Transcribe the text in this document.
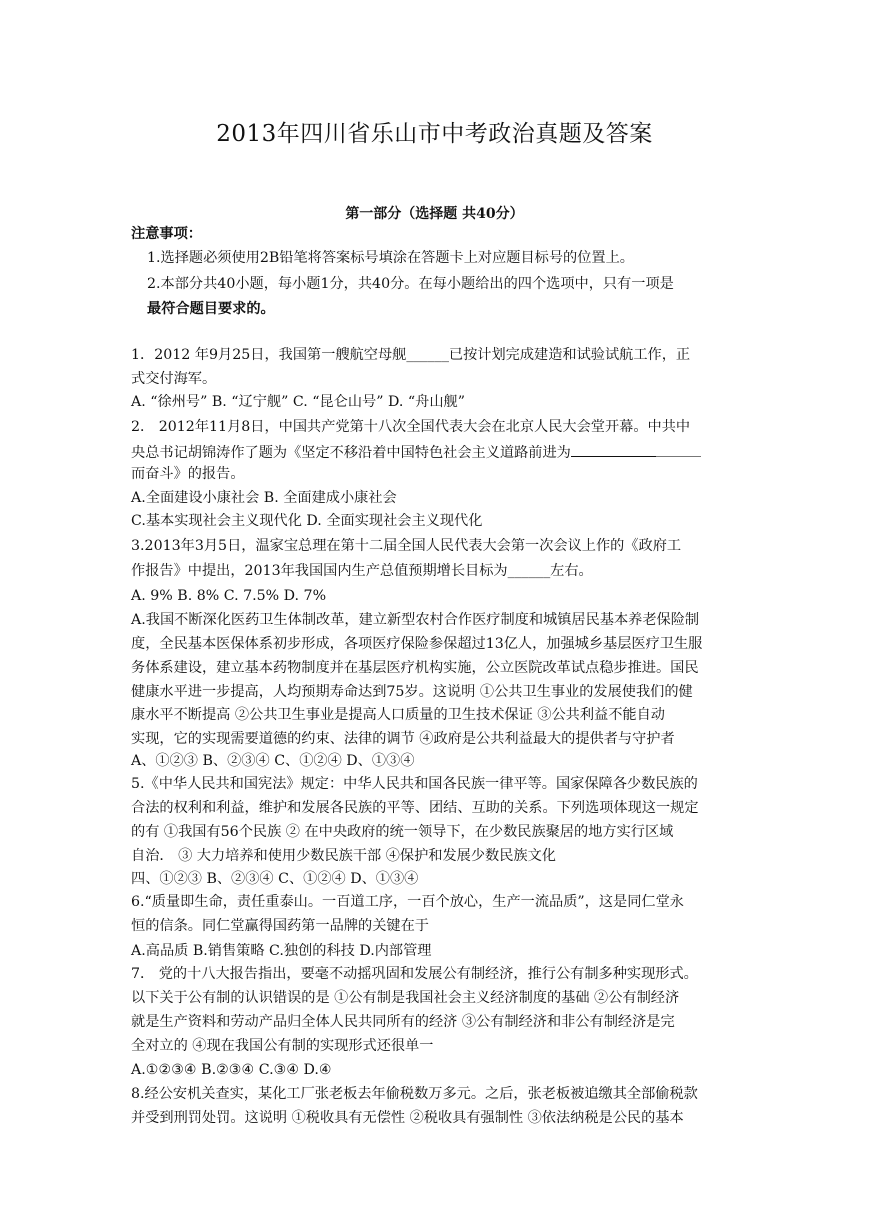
2013年四川省乐山市中考政治真题及答案
第一部分（选择题 共40分）
注意事项：
1.选择题必须使用2B铅笔将答案标号填涂在答题卡上对应题目标号的位置上。
2.本部分共40小题，每小题1分，共40分。在每小题给出的四个选项中，只有一项是
最符合题目要求的。
1．2012 年9月25日，我国第一艘航空母舰______已按计划完成建造和试验试航工作，正
式交付海军。
A. “徐州号” B. “辽宁舰” C. “昆仑山号” D. “舟山舰”
2． 2012年11月8日，中国共产党第十八次全国代表大会在北京人民大会堂开幕。中共中
央总书记胡锦涛作了题为《坚定不移沿着中国特色社会主义道路前进为
而奋斗》的报告。
A.全面建设小康社会 B. 全面建成小康社会
C.基本实现社会主义现代化 D. 全面实现社会主义现代化
3.2013年3月5日，温家宝总理在第十二届全国人民代表大会第一次会议上作的《政府工
作报告》中提出，2013年我国国内生产总值预期增长目标为______左右。
A. 9% B. 8% C. 7.5% D. 7%
A.我国不断深化医药卫生体制改革，建立新型农村合作医疗制度和城镇居民基本养老保险制
度，全民基本医保体系初步形成，各项医疗保险参保超过13亿人，加强城乡基层医疗卫生服
务体系建设，建立基本药物制度并在基层医疗机构实施，公立医院改革试点稳步推进。国民
健康水平进一步提高，人均预期寿命达到75岁。这说明 ①公共卫生事业的发展使我们的健
康水平不断提高 ②公共卫生事业是提高人口质量的卫生技术保证 ③公共利益不能自动
实现，它的实现需要道德的约束、法律的调节 ④政府是公共利益最大的提供者与守护者
A、①②③ B、②③④ C、①②④ D、①③④
5.《中华人民共和国宪法》规定：中华人民共和国各民族一律平等。国家保障各少数民族的
合法的权利和利益，维护和发展各民族的平等、团结、互助的关系。下列选项体现这一规定
的有 ①我国有56个民族 ② 在中央政府的统一领导下，在少数民族聚居的地方实行区域
自治． ③ 大力培养和使用少数民族干部 ④保护和发展少数民族文化
四、①②③ B、②③④ C、①②④ D、①③④
6.“质量即生命，责任重泰山。一百道工序，一百个放心，生产一流品质”，这是同仁堂永
恒的信条。同仁堂赢得国药第一品牌的关键在于
A.高品质 B.销售策略 C.独创的科技 D.内部管理
7． 党的十八大报告指出，要毫不动摇巩固和发展公有制经济，推行公有制多种实现形式。
以下关于公有制的认识错误的是 ①公有制是我国社会主义经济制度的基础 ②公有制经济
就是生产资料和劳动产品归全体人民共同所有的经济 ③公有制经济和非公有制经济是完
全对立的 ④现在我国公有制的实现形式还很单一
A.①②③④ B.②③④ C.③④ D.④
8.经公安机关查实，某化工厂张老板去年偷税数万多元。之后，张老板被追缴其全部偷税款
并受到刑罚处罚。这说明 ①税收具有无偿性 ②税收具有强制性 ③依法纳税是公民的基本
